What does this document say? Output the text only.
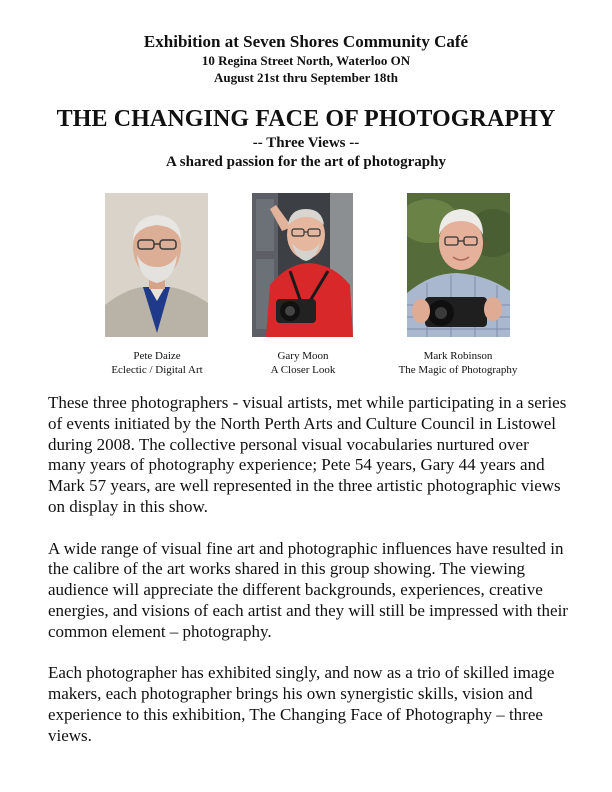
Exhibition at Seven Shores Community Café
10 Regina Street North, Waterloo ON
August 21st thru September 18th
THE CHANGING FACE OF PHOTOGRAPHY
-- Three Views --
A shared passion for the art of photography
Pete Daize
Eclectic / Digital Art
Gary Moon
A Closer Look
Mark Robinson
The Magic of Photography

These three photographers - visual artists, met while participating in a series of events initiated by the North Perth Arts and Culture Council in Listowel during 2008. The collective personal visual vocabularies nurtured over many years of photography experience; Pete 54 years, Gary 44 years and Mark 57 years, are well represented in the three artistic photographic views on display in this show.

A wide range of visual fine art and photographic influences have resulted in the calibre of the art works shared in this group showing. The viewing audience will appreciate the different backgrounds, experiences, creative energies, and visions of each artist and they will still be impressed with their common element – photography.

Each photographer has exhibited singly, and now as a trio of skilled image makers, each photographer brings his own synergistic skills, vision and experience to this exhibition, The Changing Face of Photography – three views.
